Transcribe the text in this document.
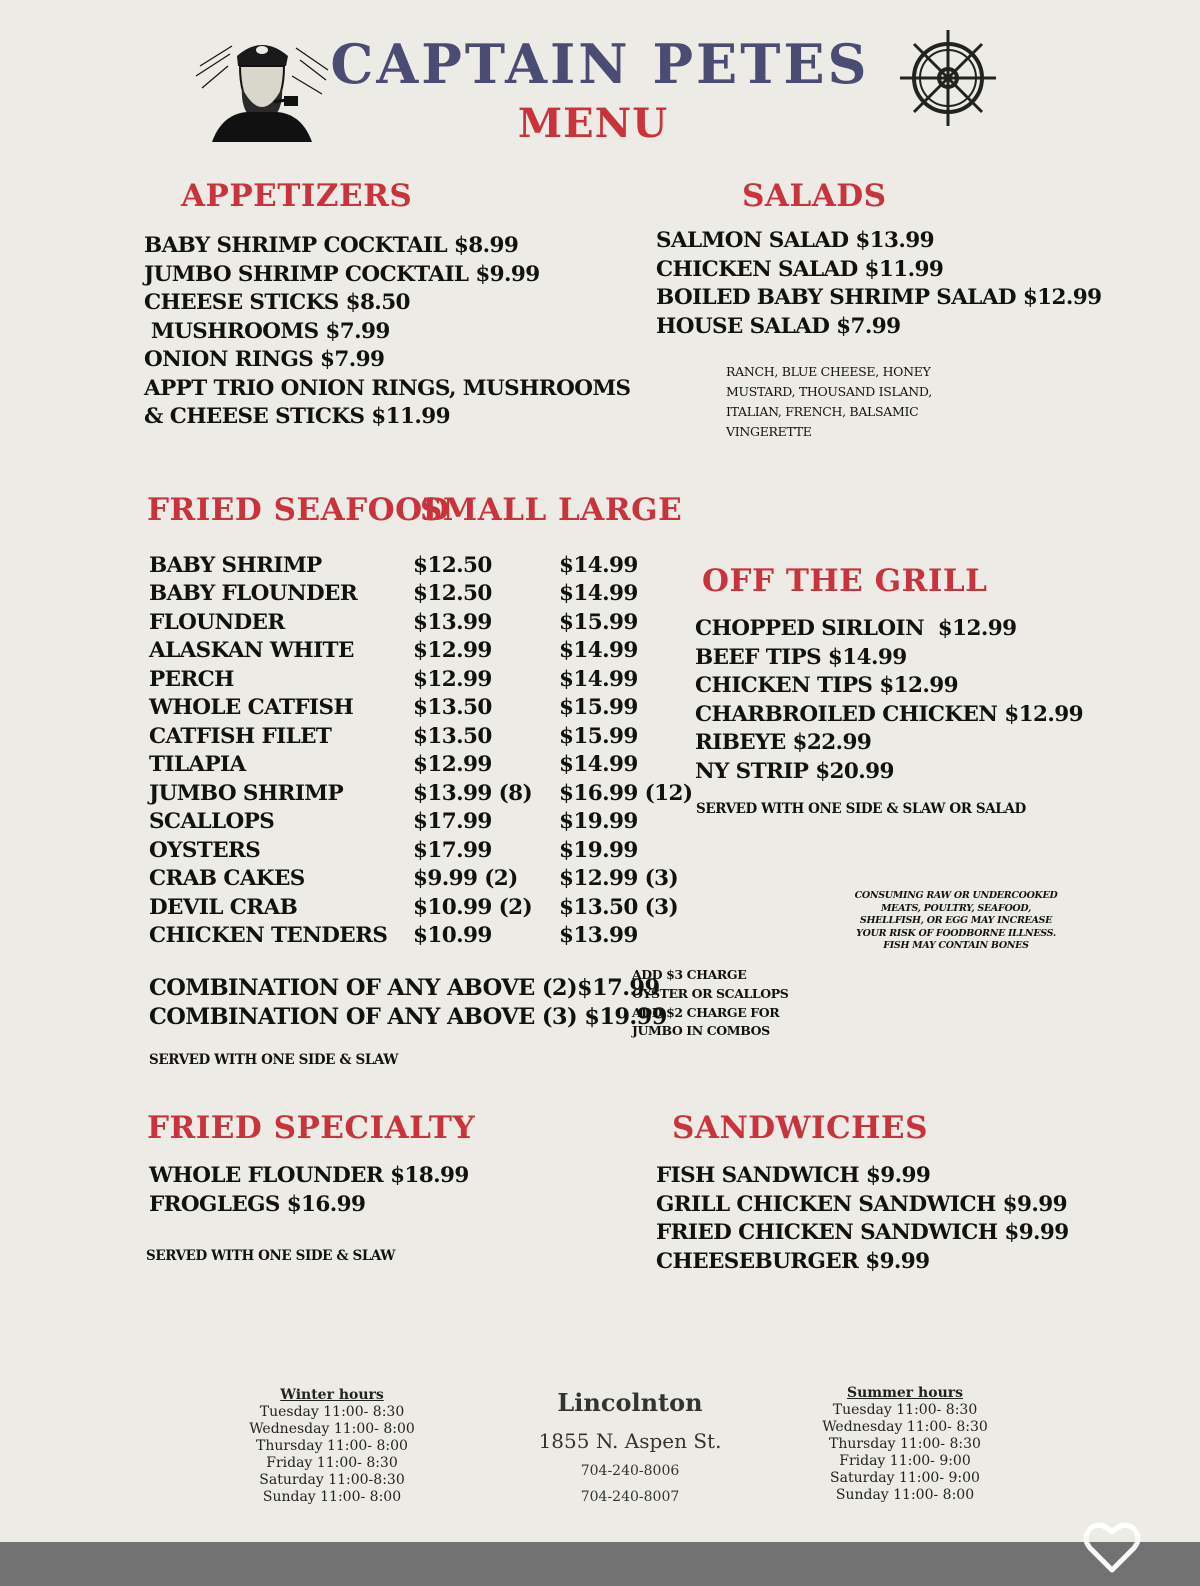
CAPTAIN PETES
MENU
APPETIZERS
BABY SHRIMP COCKTAIL $8.99
JUMBO SHRIMP COCKTAIL $9.99
CHEESE STICKS $8.50
MUSHROOMS $7.99
ONION RINGS $7.99
APPT TRIO ONION RINGS, MUSHROOMS
& CHEESE STICKS $11.99
SALADS
SALMON SALAD $13.99
CHICKEN SALAD $11.99
BOILED BABY SHRIMP SALAD $12.99
HOUSE SALAD $7.99
RANCH, BLUE CHEESE, HONEY
MUSTARD, THOUSAND ISLAND,
ITALIAN, FRENCH, BALSAMIC
VINGERETTE
FRIED SEAFOOD
SMALL LARGE
BABY SHRIMP	$12.50	$14.99
BABY FLOUNDER	$12.50	$14.99
FLOUNDER	$13.99	$15.99
ALASKAN WHITE	$12.99	$14.99
PERCH	$12.99	$14.99
WHOLE CATFISH	$13.50	$15.99
CATFISH FILET	$13.50	$15.99
TILAPIA	$12.99	$14.99
JUMBO SHRIMP	$13.99 (8)	$16.99 (12)
SCALLOPS	$17.99	$19.99
OYSTERS	$17.99	$19.99
CRAB CAKES	$9.99 (2)	$12.99 (3)
DEVIL CRAB	$10.99 (2)	$13.50 (3)
CHICKEN TENDERS	$10.99	$13.99
COMBINATION OF ANY ABOVE (2)$17.99
COMBINATION OF ANY ABOVE (3) $19.99
ADD $3 CHARGE
OYSTER OR SCALLOPS
ADD $2 CHARGE FOR
JUMBO IN COMBOS
SERVED WITH ONE SIDE & SLAW
OFF THE GRILL
CHOPPED SIRLOIN  $12.99
BEEF TIPS $14.99
CHICKEN TIPS $12.99
CHARBROILED CHICKEN $12.99
RIBEYE $22.99
NY STRIP $20.99
SERVED WITH ONE SIDE & SLAW OR SALAD
CONSUMING RAW OR UNDERCOOKED
MEATS, POULTRY, SEAFOOD,
SHELLFISH, OR EGG MAY INCREASE
YOUR RISK OF FOODBORNE ILLNESS.
FISH MAY CONTAIN BONES
FRIED SPECIALTY
WHOLE FLOUNDER $18.99
FROGLEGS $16.99
SERVED WITH ONE SIDE & SLAW
SANDWICHES
FISH SANDWICH $9.99
GRILL CHICKEN SANDWICH $9.99
FRIED CHICKEN SANDWICH $9.99
CHEESEBURGER $9.99
Winter hours
Tuesday 11:00- 8:30
Wednesday 11:00- 8:00
Thursday 11:00- 8:00
Friday 11:00- 8:30
Saturday 11:00-8:30
Sunday 11:00- 8:00
Lincolnton
1855 N. Aspen St.
704-240-8006
704-240-8007
Summer hours
Tuesday 11:00- 8:30
Wednesday 11:00- 8:30
Thursday 11:00- 8:30
Friday 11:00- 9:00
Saturday 11:00- 9:00
Sunday 11:00- 8:00
